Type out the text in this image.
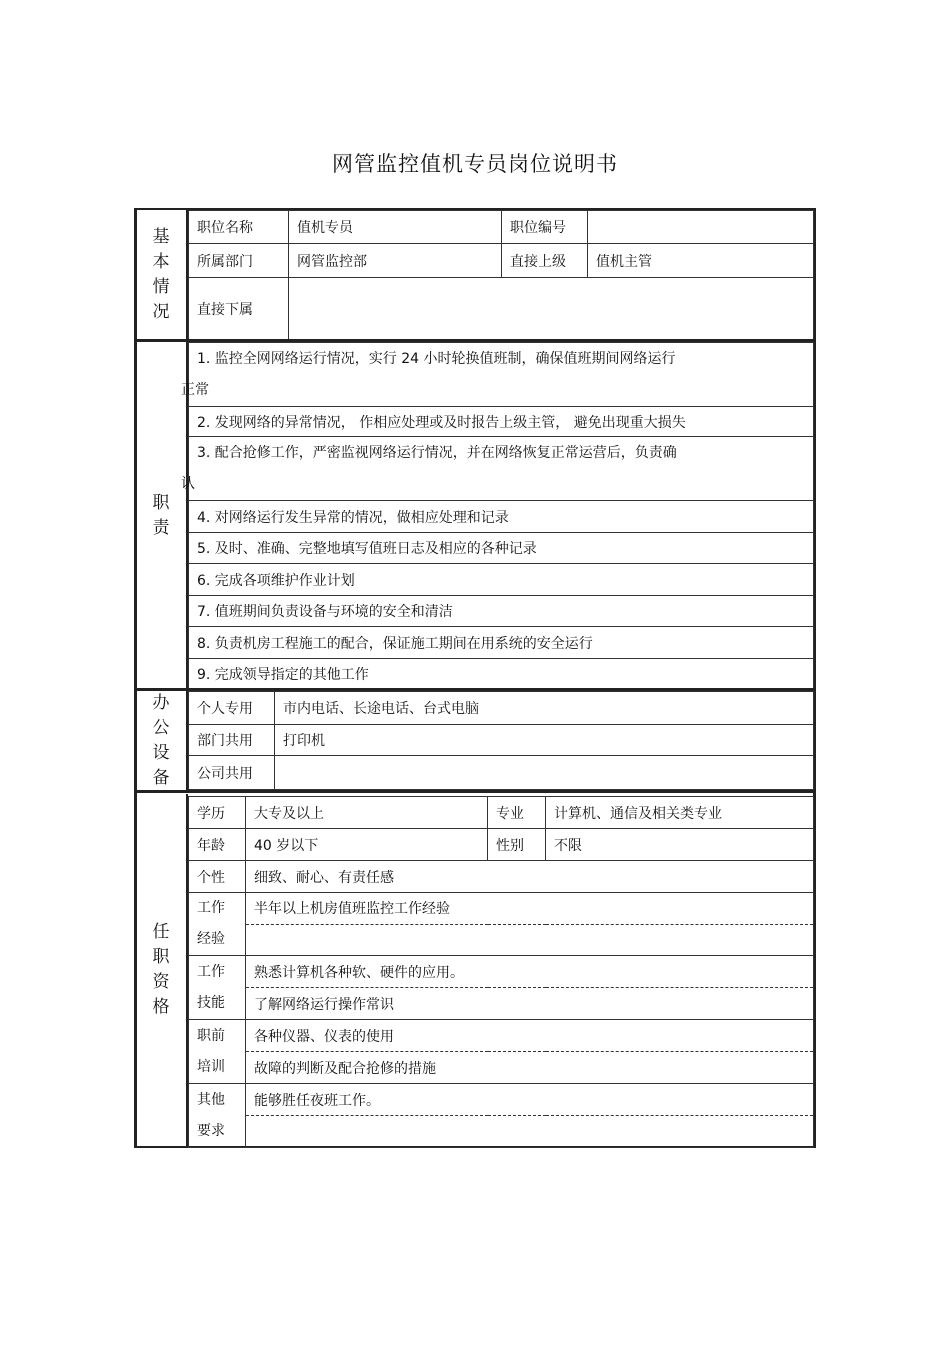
网管监控值机专员岗位说明书
基本情况
职位名称	值机专员	职位编号	
所属部门	网管监控部	直接上级	值机主管
直接下属			
职责
1. 监控全网网络运行情况，实行 24 小时轮换值班制，确保值班期间网络运行
正常

2. 发现网络的异常情况， 作相应处理或及时报告上级主管， 避免出现重大损失

3. 配合抢修工作，严密监视网络运行情况，并在网络恢复正常运营后，负责确
认

4. 对网络运行发生异常的情况，做相应处理和记录
5. 及时、准确、完整地填写值班日志及相应的各种记录
6. 完成各项维护作业计划
7. 值班期间负责设备与环境的安全和清洁
8. 负责机房工程施工的配合，保证施工期间在用系统的安全运行
9. 完成领导指定的其他工作
办公设备
个人专用	市内电话、长途电话、台式电脑
部门共用	打印机
公司共用	
任职资格
学历	大专及以上	专业	计算机、通信及相关类专业
年龄	40 岁以下	性别	不限
个性	细致、耐心、有责任感		

工作
经验	半年以上机房值班监控工作经验		

工作
技能	熟悉计算机各种软、硬件的应用。		
	了解网络运行操作常识		

职前
培训	各种仪器、仪表的使用		
	故障的判断及配合抢修的措施		

其他
要求	能够胜任夜班工作。		
